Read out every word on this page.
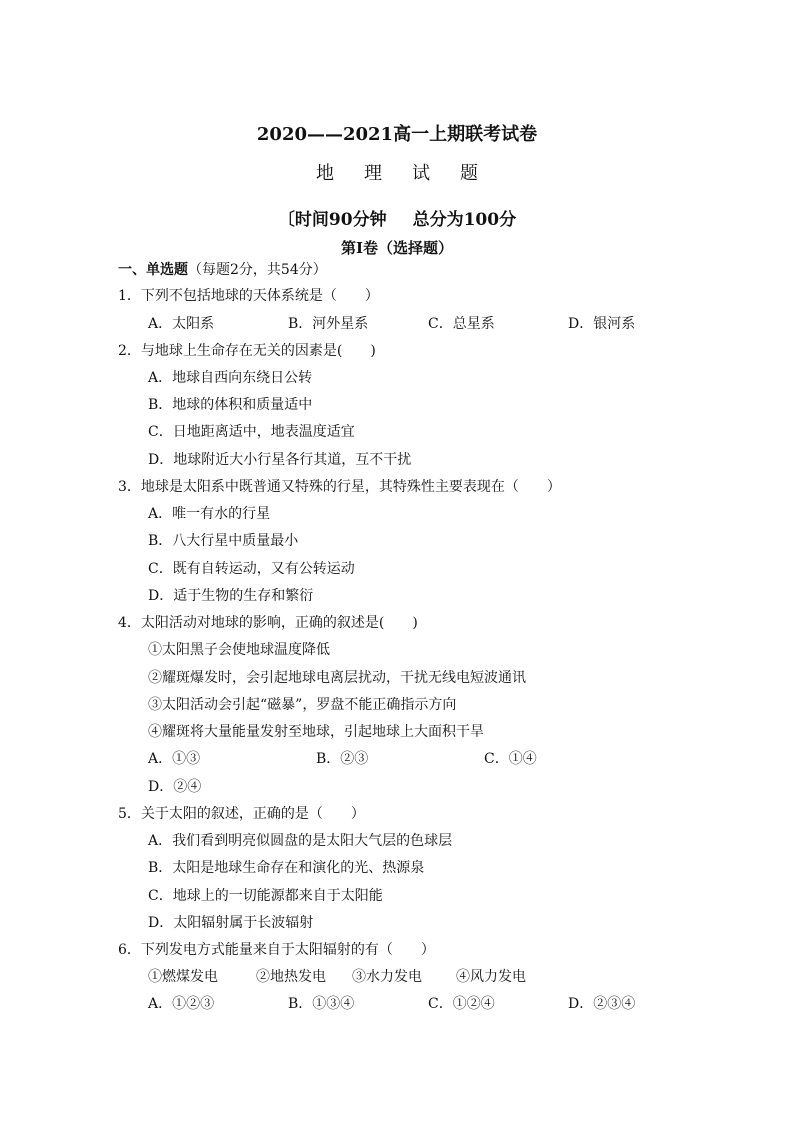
2020——2021高一上期联考试卷
地理试题
〔时间90分钟 总分为100分
第I卷（选择题）
一、单选题（每题2分，共54分）
1．下列不包括地球的天体系统是（　　）
A．太阳系	B．河外星系	C．总星系	D．银河系
2．与地球上生命存在无关的因素是(　　)
A．地球自西向东绕日公转
B．地球的体积和质量适中
C．日地距离适中，地表温度适宜
D．地球附近大小行星各行其道，互不干扰
3．地球是太阳系中既普通又特殊的行星，其特殊性主要表现在（　　）
A．唯一有水的行星
B．八大行星中质量最小
C．既有自转运动，又有公转运动
D．适于生物的生存和繁衍
4．太阳活动对地球的影响，正确的叙述是(　　)
①太阳黑子会使地球温度降低
②耀斑爆发时，会引起地球电离层扰动，干扰无线电短波通讯
③太阳活动会引起“磁暴”，罗盘不能正确指示方向
④耀斑将大量能量发射至地球，引起地球上大面积干旱
A．①③	B．②③	C．①④
D．②④
5．关于太阳的叙述，正确的是（　　）
A．我们看到明亮似圆盘的是太阳大气层的色球层
B．太阳是地球生命存在和演化的光、热源泉
C．地球上的一切能源都来自于太阳能
D．太阳辐射属于长波辐射
6．下列发电方式能量来自于太阳辐射的有（　　）
①燃煤发电	②地热发电 ③水力发电 ④风力发电
A．①②③	B．①③④	C．①②④	D．②③④
